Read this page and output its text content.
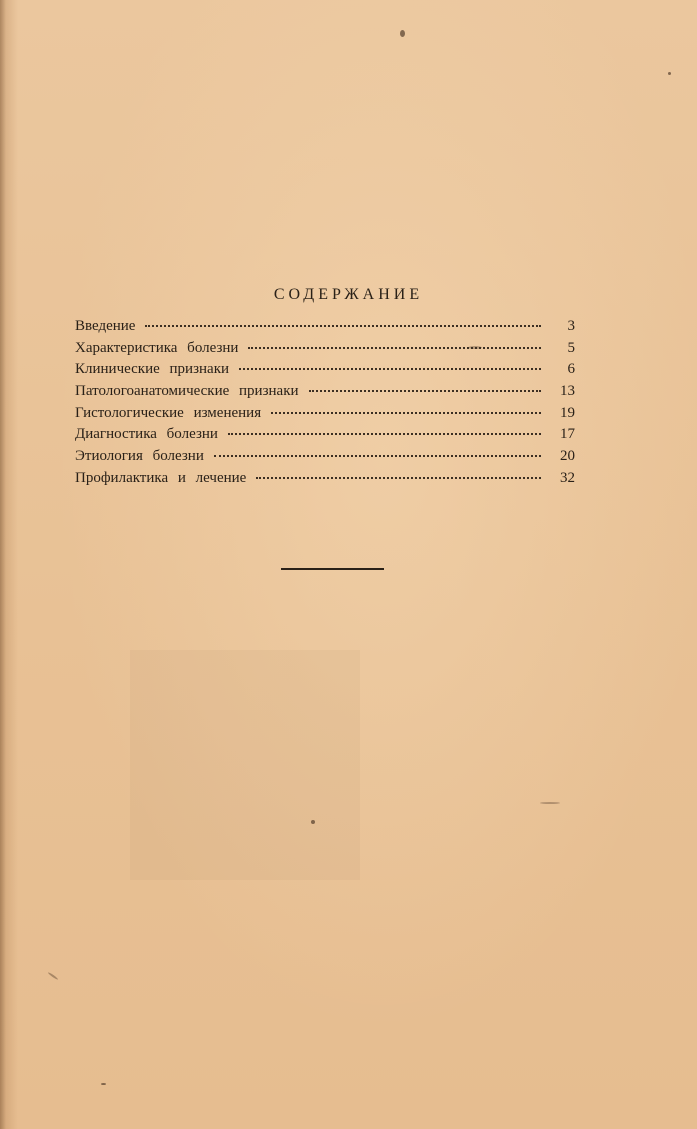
СОДЕРЖАНИЕ
Введение	3
Характеристика болезни	5
Клинические признаки	6
Патологоанатомические признаки	13
Гистологические изменения	19
Диагностика болезни	17
Этиология болезни	20
Профилактика и лечение	32
